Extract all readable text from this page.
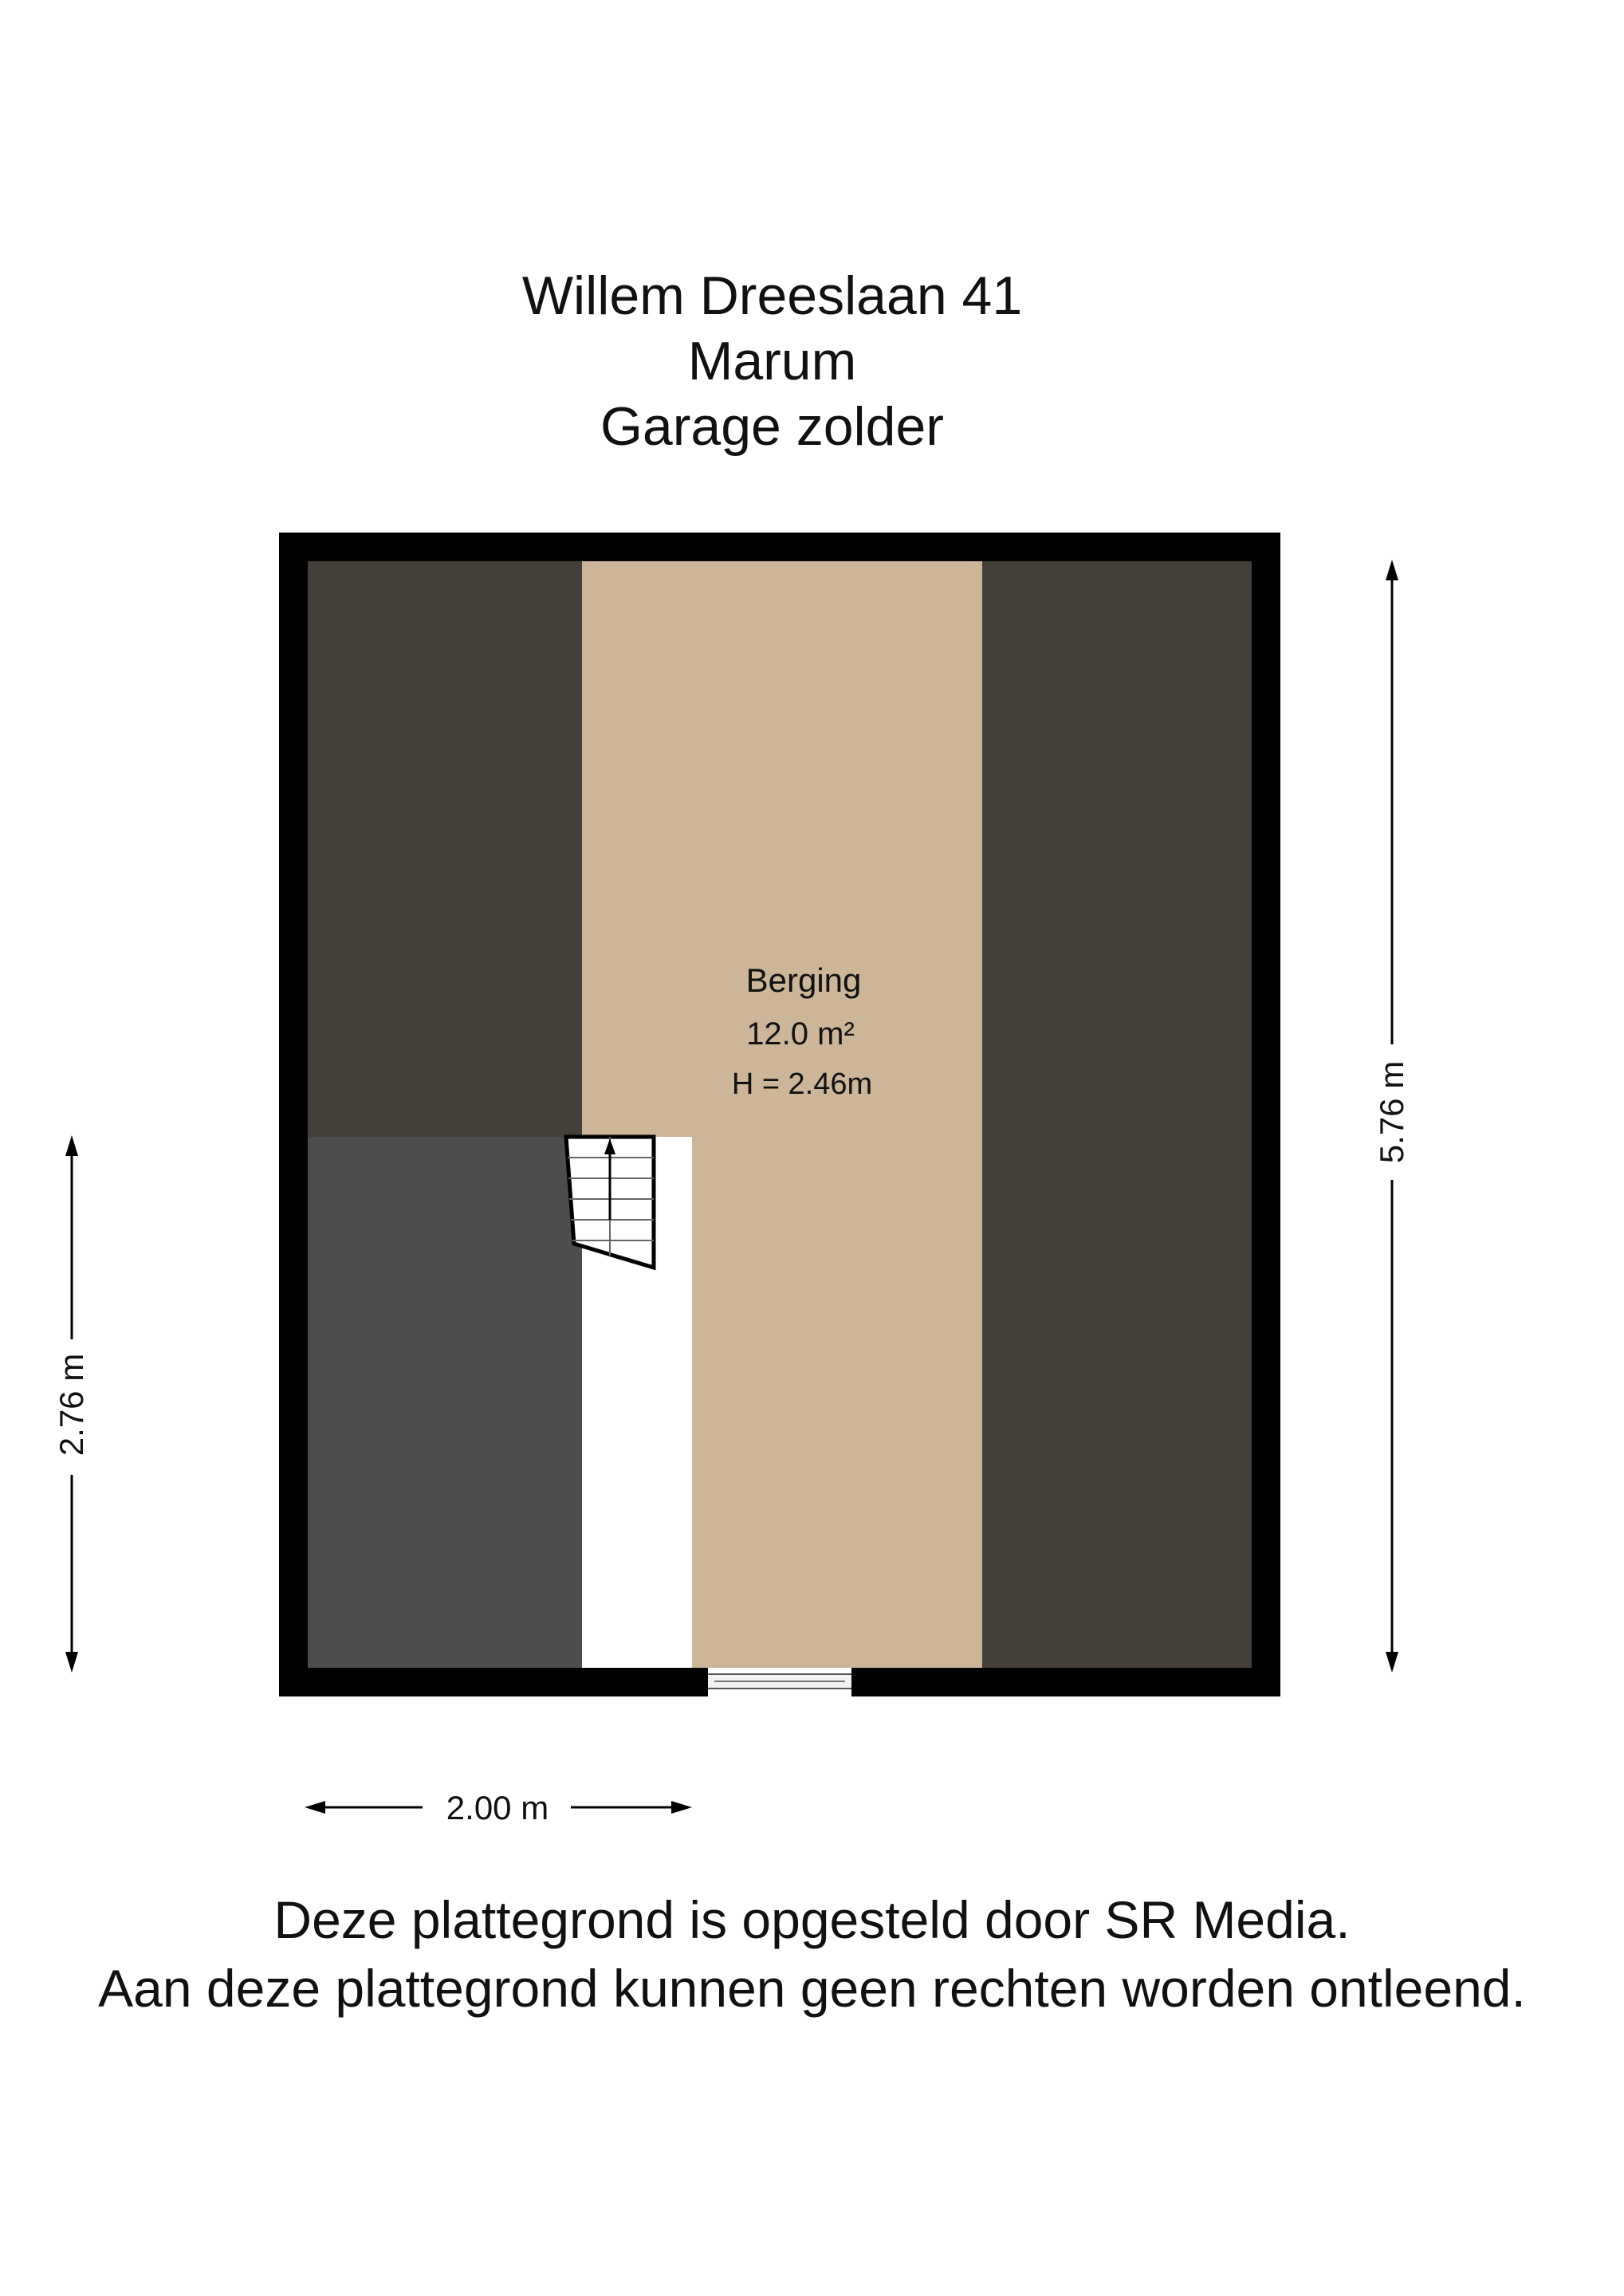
Willem Dreeslaan 41
Marum
Garage zolder
Berging
12.0 m²
H = 2.46m	5.76 m
2.76 m
2.00 m
Deze plattegrond is opgesteld door SR Media.
Aan deze plattegrond kunnen geen rechten worden ontleend.
